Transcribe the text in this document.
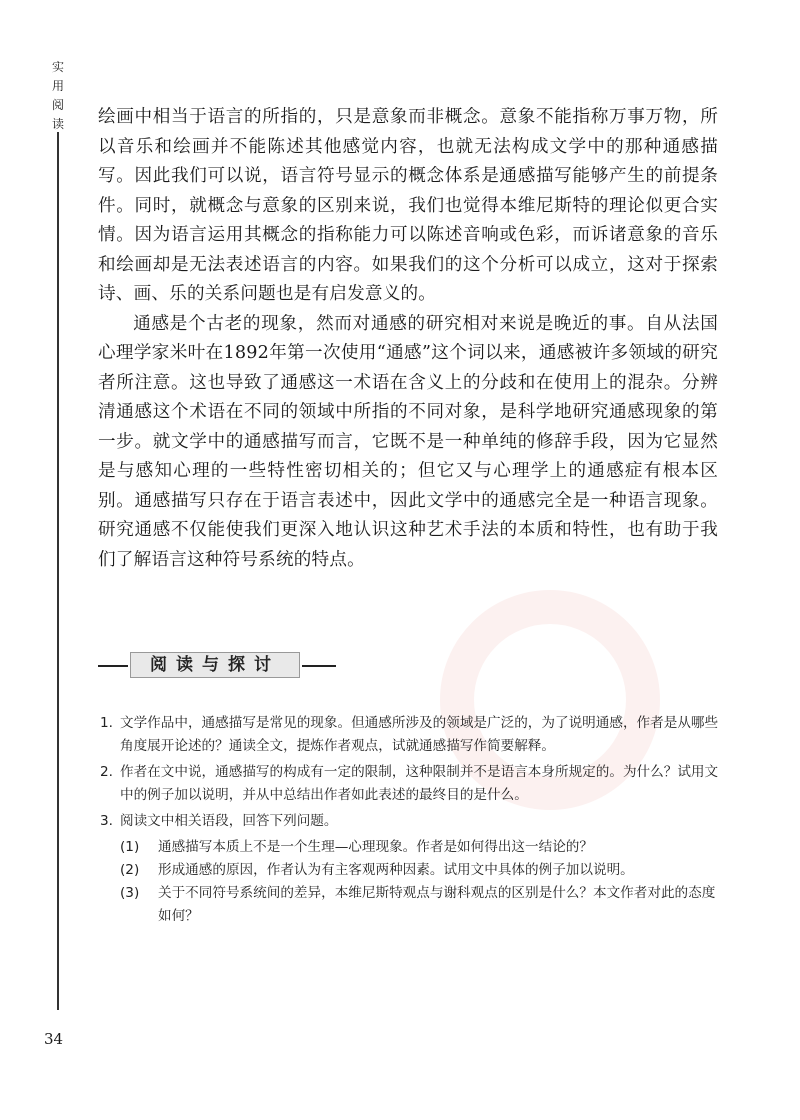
实
用
阅
读 绘画中相当于语言的所指的，只是意象而非概念。意象不能指称万事万物，所以音乐和绘画并不能陈述其他感觉内容，也就无法构成文学中的那种通感描写。因此我们可以说，语言符号显示的概念体系是通感描写能够产生的前提条件。同时，就概念与意象的区别来说，我们也觉得本维尼斯特的理论似更合实情。因为语言运用其概念的指称能力可以陈述音响或色彩，而诉诸意象的音乐和绘画却是无法表述语言的内容。如果我们的这个分析可以成立，这对于探索诗、画、乐的关系问题也是有启发意义的。

通感是个古老的现象，然而对通感的研究相对来说是晚近的事。自从法国心理学家米叶在1892年第一次使用“通感”这个词以来，通感被许多领域的研究者所注意。这也导致了通感这一术语在含义上的分歧和在使用上的混杂。分辨清通感这个术语在不同的领域中所指的不同对象，是科学地研究通感现象的第一步。就文学中的通感描写而言，它既不是一种单纯的修辞手段，因为它显然是与感知心理的一些特性密切相关的；但它又与心理学上的通感症有根本区别。通感描写只存在于语言表述中，因此文学中的通感完全是一种语言现象。研究通感不仅能使我们更深入地认识这种艺术手法的本质和特性，也有助于我们了解语言这种符号系统的特点。

阅读与探讨
1. 文学作品中，通感描写是常见的现象。但通感所涉及的领域是广泛的，为了说明通感，作者是从哪些角度展开论述的？通读全文，提炼作者观点，试就通感描写作简要解释。
2. 作者在文中说，通感描写的构成有一定的限制，这种限制并不是语言本身所规定的。为什么？试用文中的例子加以说明，并从中总结出作者如此表述的最终目的是什么。
3. 阅读文中相关语段，回答下列问题。
(1) 通感描写本质上不是一个生理—心理现象。作者是如何得出这一结论的？
(2) 形成通感的原因，作者认为有主客观两种因素。试用文中具体的例子加以说明。
(3) 关于不同符号系统间的差异，本维尼斯特观点与谢科观点的区别是什么？本文作者对此的态度如何？
34
